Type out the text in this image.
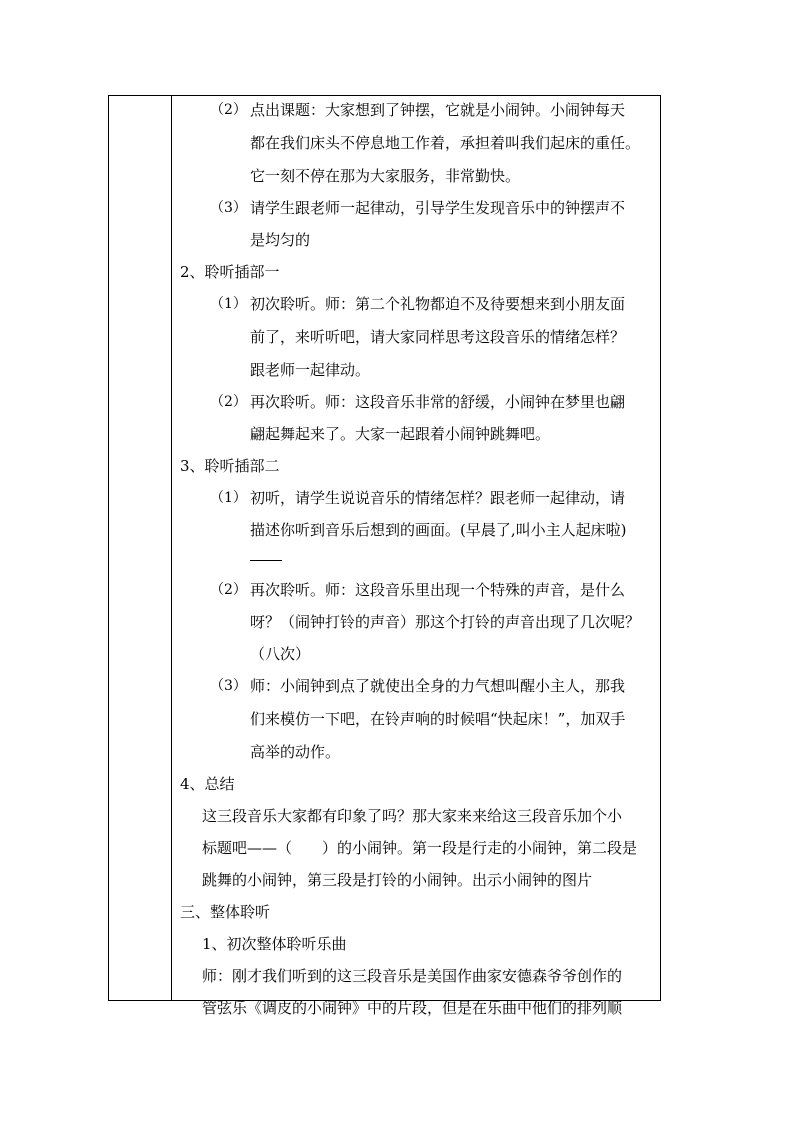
（2） 点出课题：大家想到了钟摆，它就是小闹钟。小闹钟每天
都在我们床头不停息地工作着，承担着叫我们起床的重任。
它一刻不停在那为大家服务，非常勤快。
（3） 请学生跟老师一起律动，引导学生发现音乐中的钟摆声不
是均匀的
2、聆听插部一
（1） 初次聆听。师：第二个礼物都迫不及待要想来到小朋友面
前了，来听听吧，请大家同样思考这段音乐的情绪怎样？
跟老师一起律动。
（2） 再次聆听。师：这段音乐非常的舒缓，小闹钟在梦里也翩
翩起舞起来了。大家一起跟着小闹钟跳舞吧。
3、聆听插部二
（1） 初听，请学生说说音乐的情绪怎样？跟老师一起律动，请
描述你听到音乐后想到的画面。(早晨了,叫小主人起床啦)
（2） 再次聆听。师：这段音乐里出现一个特殊的声音，是什么
呀？（闹钟打铃的声音）那这个打铃的声音出现了几次呢？
（八次）
（3） 师：小闹钟到点了就使出全身的力气想叫醒小主人，那我
们来模仿一下吧，在铃声响的时候唱“快起床！”，加双手
高举的动作。
4、总结
这三段音乐大家都有印象了吗？那大家来来给这三段音乐加个小
标题吧——（　　）的小闹钟。第一段是行走的小闹钟，第二段是
跳舞的小闹钟，第三段是打铃的小闹钟。出示小闹钟的图片
三、整体聆听
1、初次整体聆听乐曲
师：刚才我们听到的这三段音乐是美国作曲家安德森爷爷创作的
管弦乐《调皮的小闹钟》中的片段，但是在乐曲中他们的排列顺
